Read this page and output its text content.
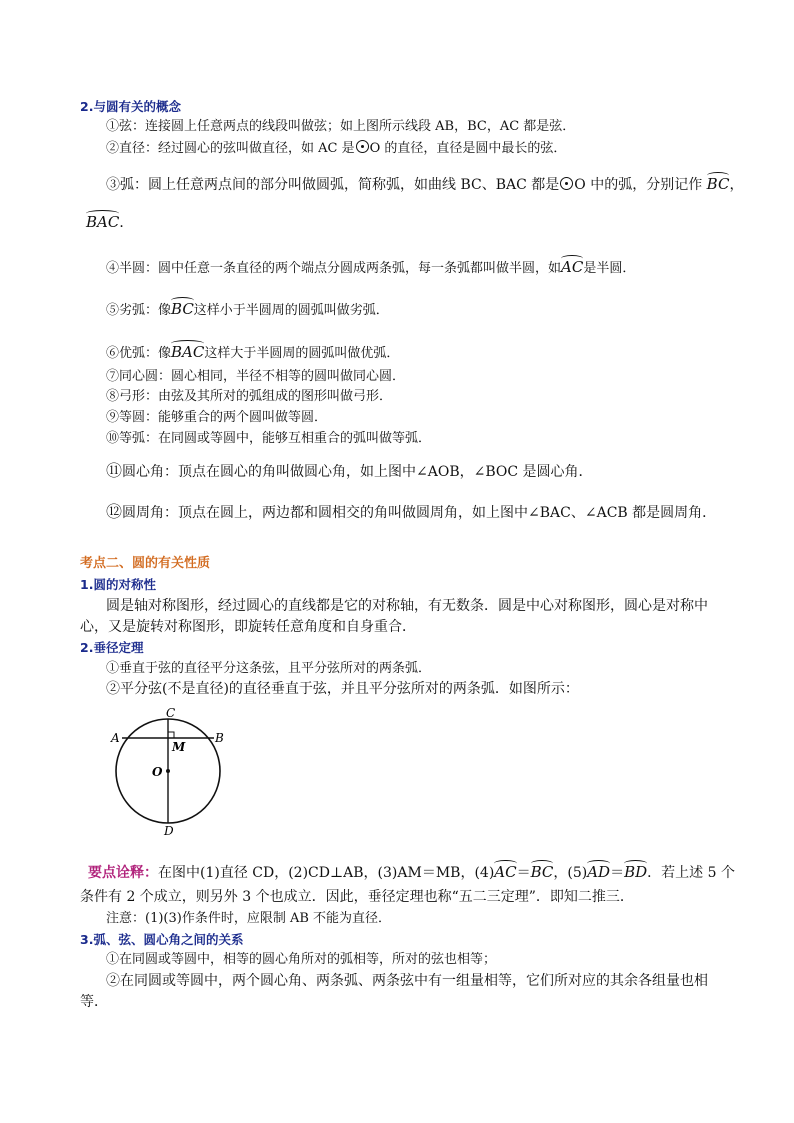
2.与圆有关的概念
①弦：连接圆上任意两点的线段叫做弦；如上图所示线段 AB，BC，AC 都是弦．
②直径：经过圆心的弦叫做直径，如 AC 是 O 的直径，直径是圆中最长的弦．
③弧：圆上任意两点间的部分叫做圆弧，简称弧，如曲线 BC、BAC 都是 O 中的弧，分别记作 BC，
BAC．
④半圆：圆中任意一条直径的两个端点分圆成两条弧，每一条弧都叫做半圆，如AC是半圆．
⑤劣弧：像BC这样小于半圆周的圆弧叫做劣弧．
⑥优弧：像BAC这样大于半圆周的圆弧叫做优弧．
⑦同心圆：圆心相同，半径不相等的圆叫做同心圆．
⑧弓形：由弦及其所对的弧组成的图形叫做弓形．
⑨等圆：能够重合的两个圆叫做等圆．
⑩等弧：在同圆或等圆中，能够互相重合的弧叫做等弧．
⑪圆心角：顶点在圆心的角叫做圆心角，如上图中∠AOB，∠BOC 是圆心角．
⑫圆周角：顶点在圆上，两边都和圆相交的角叫做圆周角，如上图中∠BAC、∠ACB 都是圆周角．
考点二、圆的有关性质
1.圆的对称性
圆是轴对称图形，经过圆心的直线都是它的对称轴，有无数条．圆是中心对称图形，圆心是对称中
心，又是旋转对称图形，即旋转任意角度和自身重合．
2.垂径定理
①垂直于弦的直径平分这条弦，且平分弦所对的两条弧．
②平分弦(不是直径)的直径垂直于弦，并且平分弦所对的两条弧．如图所示：
C
A	B
M
O
D
要点诠释：在图中(1)直径 CD，(2)CD⊥AB，(3)AM＝MB，(4)AC＝BC，(5)AD＝BD．若上述 5 个
条件有 2 个成立，则另外 3 个也成立．因此，垂径定理也称“五二三定理”．即知二推三．
注意：(1)(3)作条件时，应限制 AB 不能为直径．
3.弧、弦、圆心角之间的关系
①在同圆或等圆中，相等的圆心角所对的弧相等，所对的弦也相等；
②在同圆或等圆中，两个圆心角、两条弧、两条弦中有一组量相等，它们所对应的其余各组量也相
等．
